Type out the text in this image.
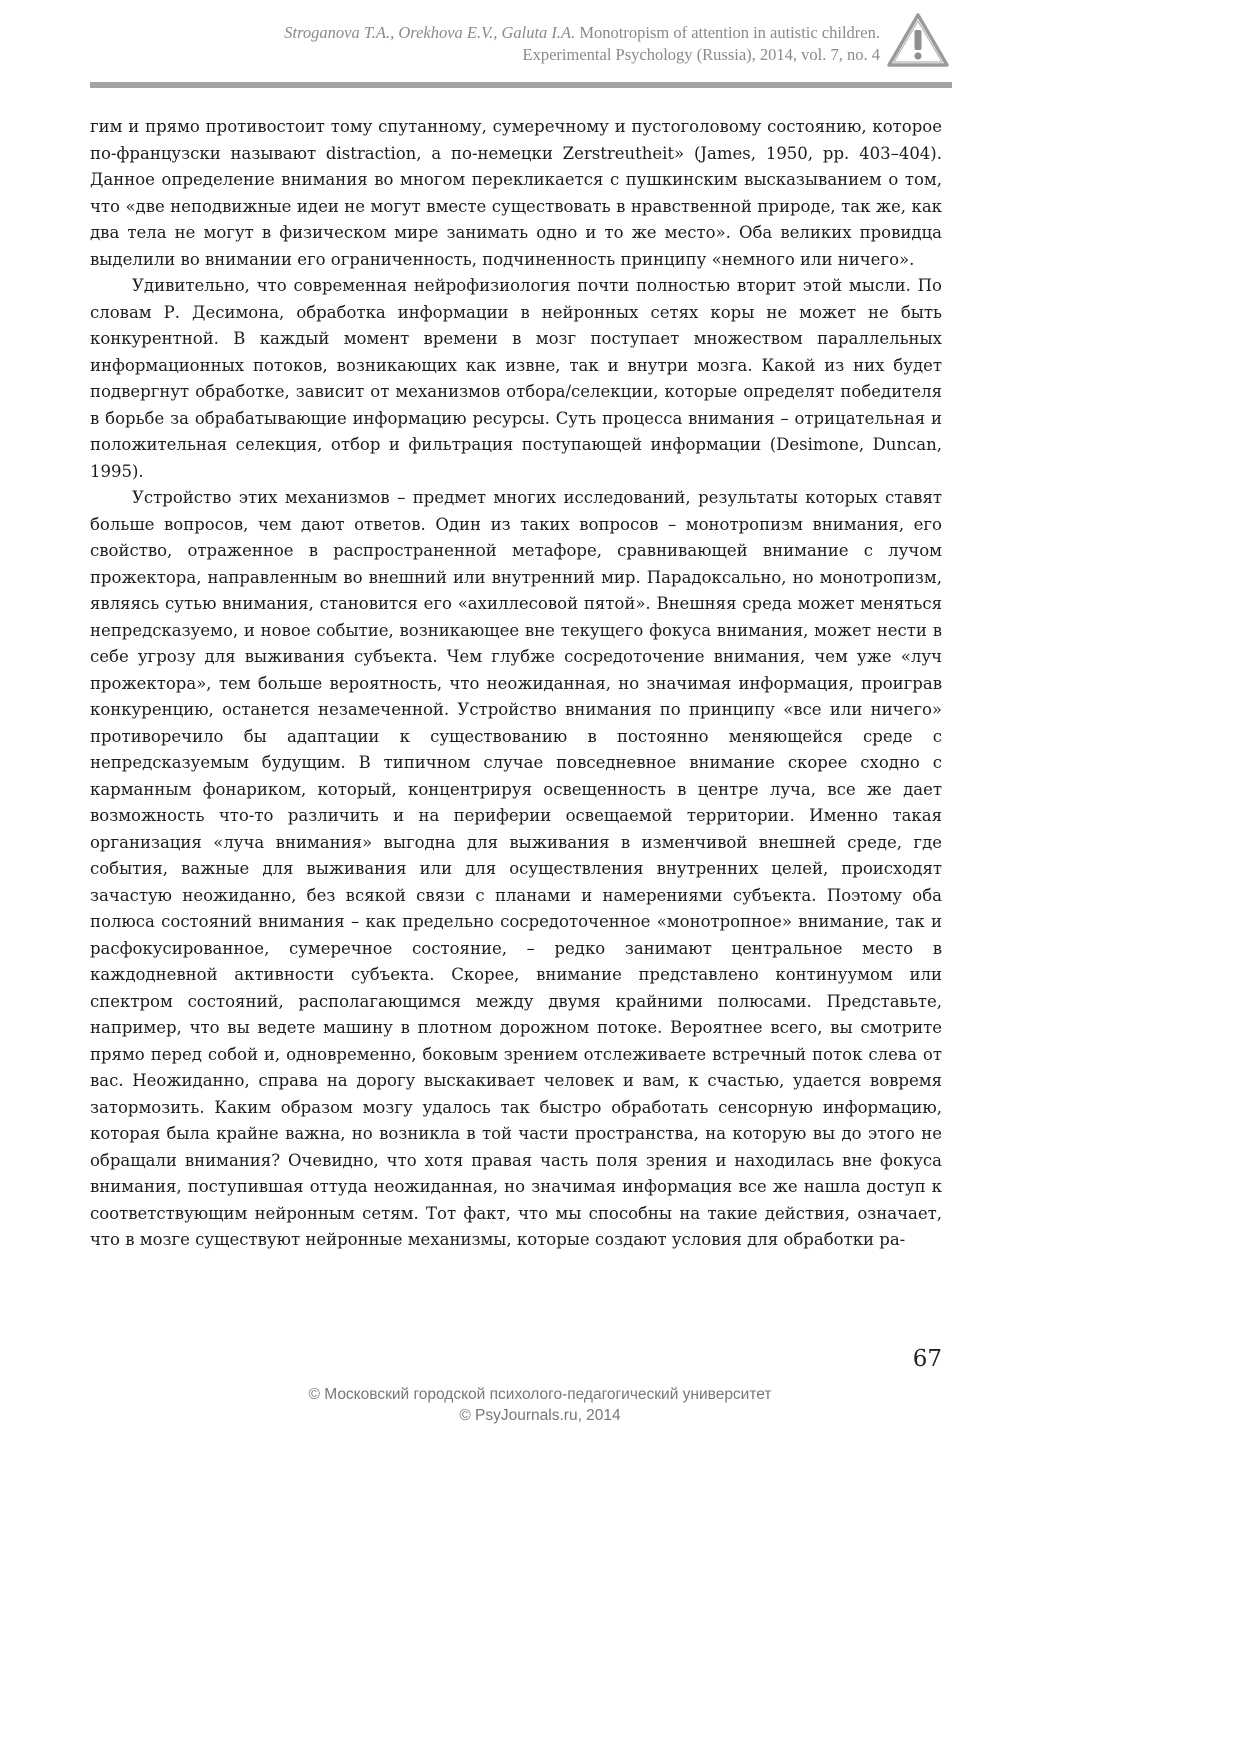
Stroganova T.A., Orekhova E.V., Galuta I.A. Monotropism of attention in autistic children.
Experimental Psychology (Russia), 2014, vol. 7, no. 4

гим и прямо противостоит тому спутанному, сумеречному и пустоголовому состоянию, которое по-французски называют distraction, а по-немецки Zerstreutheit» (James, 1950, pp. 403–404). Данное определение внимания во многом перекликается с пушкинским высказыванием о том, что «две неподвижные идеи не могут вместе существовать в нравственной природе, так же, как два тела не могут в физическом мире занимать одно и то же место». Оба великих провидца выделили во внимании его ограниченность, подчиненность принципу «немного или ничего».

Удивительно, что современная нейрофизиология почти полностью вторит этой мысли. По словам Р. Десимона, обработка информации в нейронных сетях коры не может не быть конкурентной. В каждый момент времени в мозг поступает множеством параллельных информационных потоков, возникающих как извне, так и внутри мозга. Какой из них будет подвергнут обработке, зависит от механизмов отбора/селекции, которые определят победителя в борьбе за обрабатывающие информацию ресурсы. Суть процесса внимания – отрицательная и положительная селекция, отбор и фильтрация поступающей информации (Desimone, Duncan, 1995).

Устройство этих механизмов – предмет многих исследований, результаты которых ставят больше вопросов, чем дают ответов. Один из таких вопросов – монотропизм внимания, его свойство, отраженное в распространенной метафоре, сравнивающей внимание с лучом прожектора, направленным во внешний или внутренний мир. Парадоксально, но монотропизм, являясь сутью внимания, становится его «ахиллесовой пятой». Внешняя среда может меняться непредсказуемо, и новое событие, возникающее вне текущего фокуса внимания, может нести в себе угрозу для выживания субъекта. Чем глубже сосредоточение внимания, чем уже «луч прожектора», тем больше вероятность, что неожиданная, но значимая информация, проиграв конкуренцию, останется незамеченной. Устройство внимания по принципу «все или ничего» противоречило бы адаптации к существованию в постоянно меняющейся среде с непредсказуемым будущим. В типичном случае повседневное внимание скорее сходно с карманным фонариком, который, концентрируя освещенность в центре луча, все же дает возможность что-то различить и на периферии освещаемой территории. Именно такая организация «луча внимания» выгодна для выживания в изменчивой внешней среде, где события, важные для выживания или для осуществления внутренних целей, происходят зачастую неожиданно, без всякой связи с планами и намерениями субъекта. Поэтому оба полюса состояний внимания – как предельно сосредоточенное «монотропное» внимание, так и расфокусированное, сумеречное состояние, – редко занимают центральное место в каждодневной активности субъекта. Скорее, внимание представлено континуумом или спектром состояний, располагающимся между двумя крайними полюсами. Представьте, например, что вы ведете машину в плотном дорожном потоке. Вероятнее всего, вы смотрите прямо перед собой и, одновременно, боковым зрением отслеживаете встречный поток слева от вас. Неожиданно, справа на дорогу выскакивает человек и вам, к счастью, удается вовремя затормозить. Каким образом мозгу удалось так быстро обработать сенсорную информацию, которая была крайне важна, но возникла в той части пространства, на которую вы до этого не обращали внимания? Очевидно, что хотя правая часть поля зрения и находилась вне фокуса внимания, поступившая оттуда неожиданная, но значимая информация все же нашла доступ к соответствующим нейронным сетям. Тот факт, что мы способны на такие действия, означает, что в мозге существуют нейронные механизмы, которые создают условия для обработки ра-

67
© Московский городской психолого-педагогический университет
© PsyJournals.ru, 2014
